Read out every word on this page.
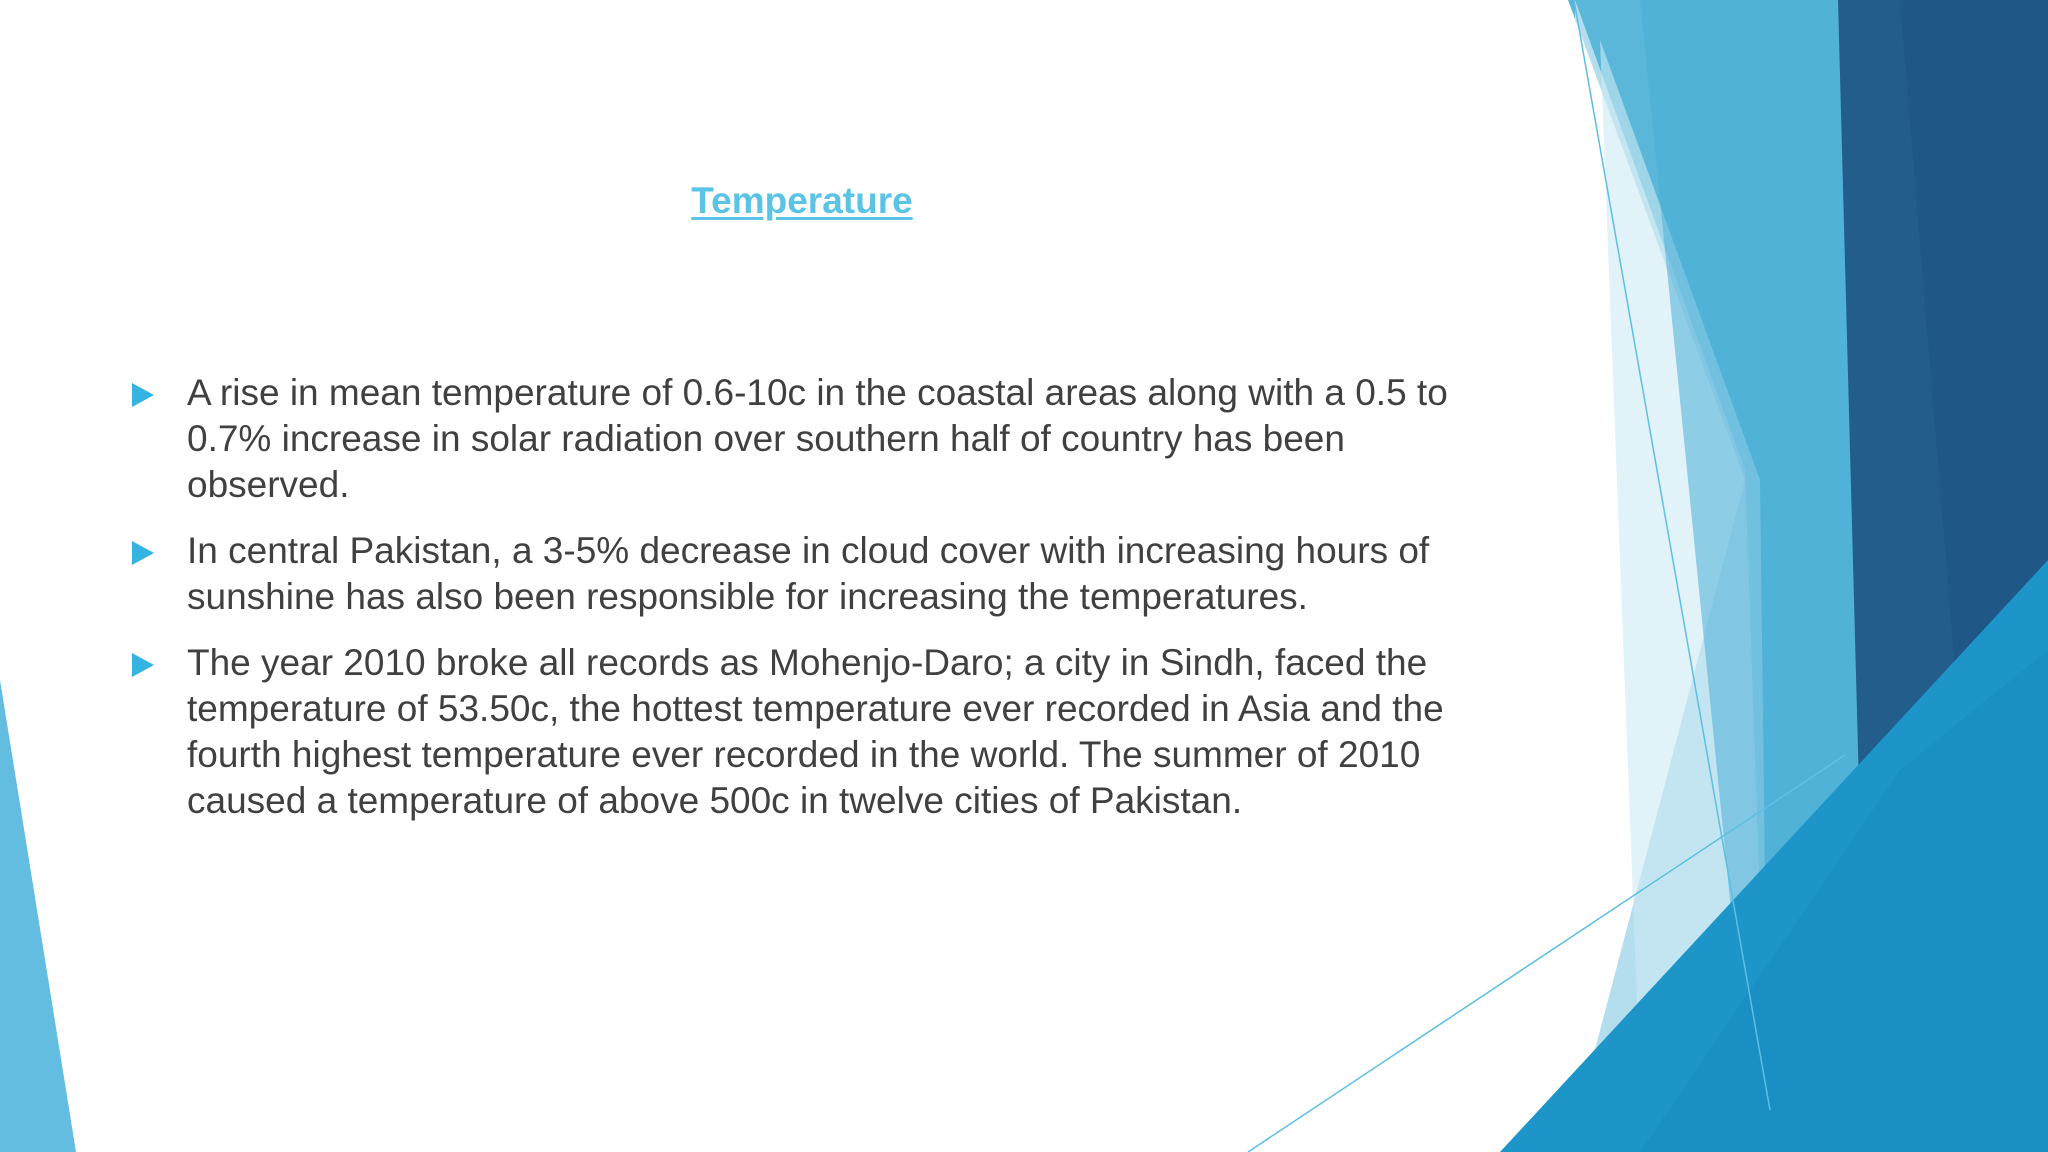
Temperature
A rise in mean temperature of 0.6-10c in the coastal areas along with a 0.5 to 0.7% increase in solar radiation over southern half of country has been observed.
In central Pakistan, a 3-5% decrease in cloud cover with increasing hours of sunshine has also been responsible for increasing the temperatures.
The year 2010 broke all records as Mohenjo-Daro; a city in Sindh, faced the temperature of 53.50c, the hottest temperature ever recorded in Asia and the fourth highest temperature ever recorded in the world. The summer of 2010 caused a temperature of above 500c in twelve cities of Pakistan.
